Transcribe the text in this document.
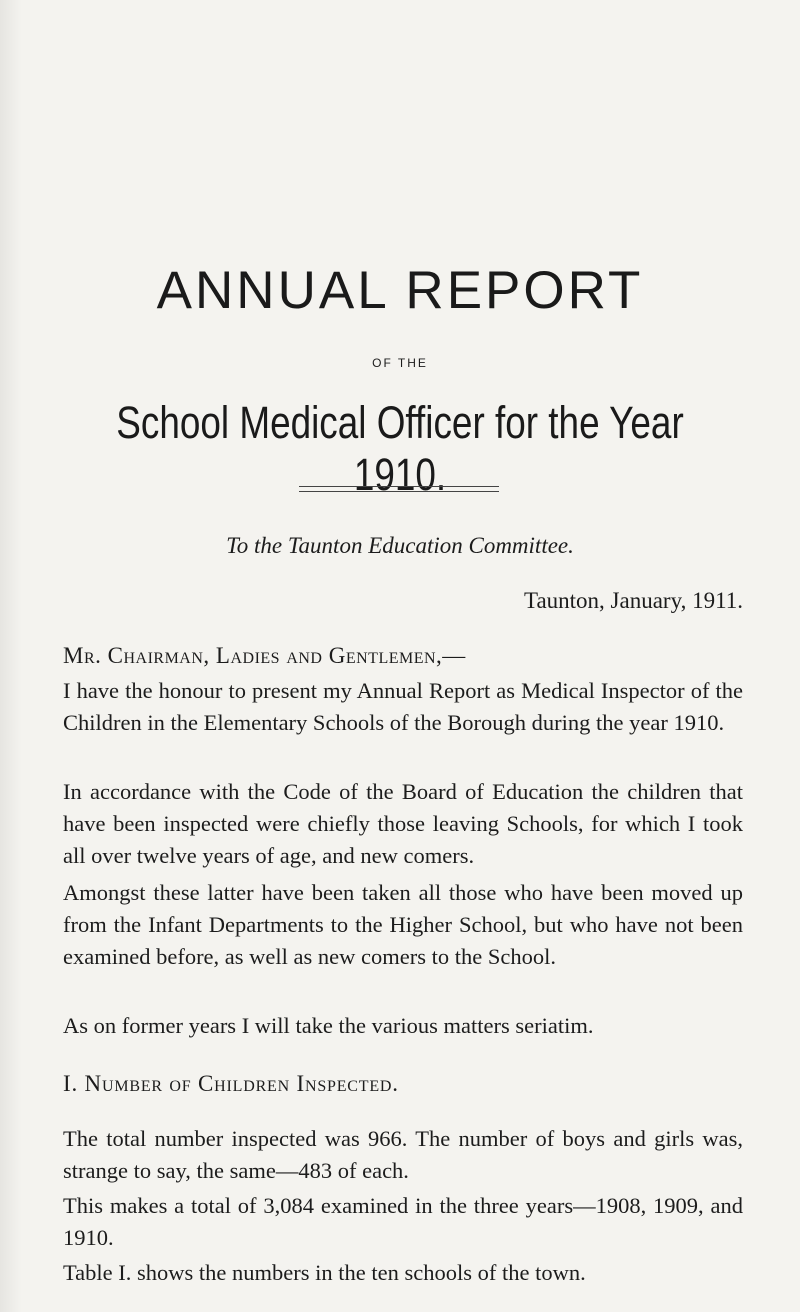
ANNUAL REPORT
OF THE
School Medical Officer for the Year 1910.

To the Taunton Education Committee.

Taunton, January, 1911.

Mr. Chairman, Ladies and Gentlemen,—

I have the honour to present my Annual Report as Medical Inspector of the Children in the Elementary Schools of the Borough during the year 1910.

In accordance with the Code of the Board of Education the children that have been inspected were chiefly those leaving Schools, for which I took all over twelve years of age, and new comers.

Amongst these latter have been taken all those who have been moved up from the Infant Departments to the Higher School, but who have not been examined before, as well as new comers to the School.

As on former years I will take the various matters seriatim.

I. Number of Children Inspected.

The total number inspected was 966. The number of boys and girls was, strange to say, the same—483 of each.

This makes a total of 3,084 examined in the three years—1908, 1909, and 1910.

Table I. shows the numbers in the ten schools of the town.
